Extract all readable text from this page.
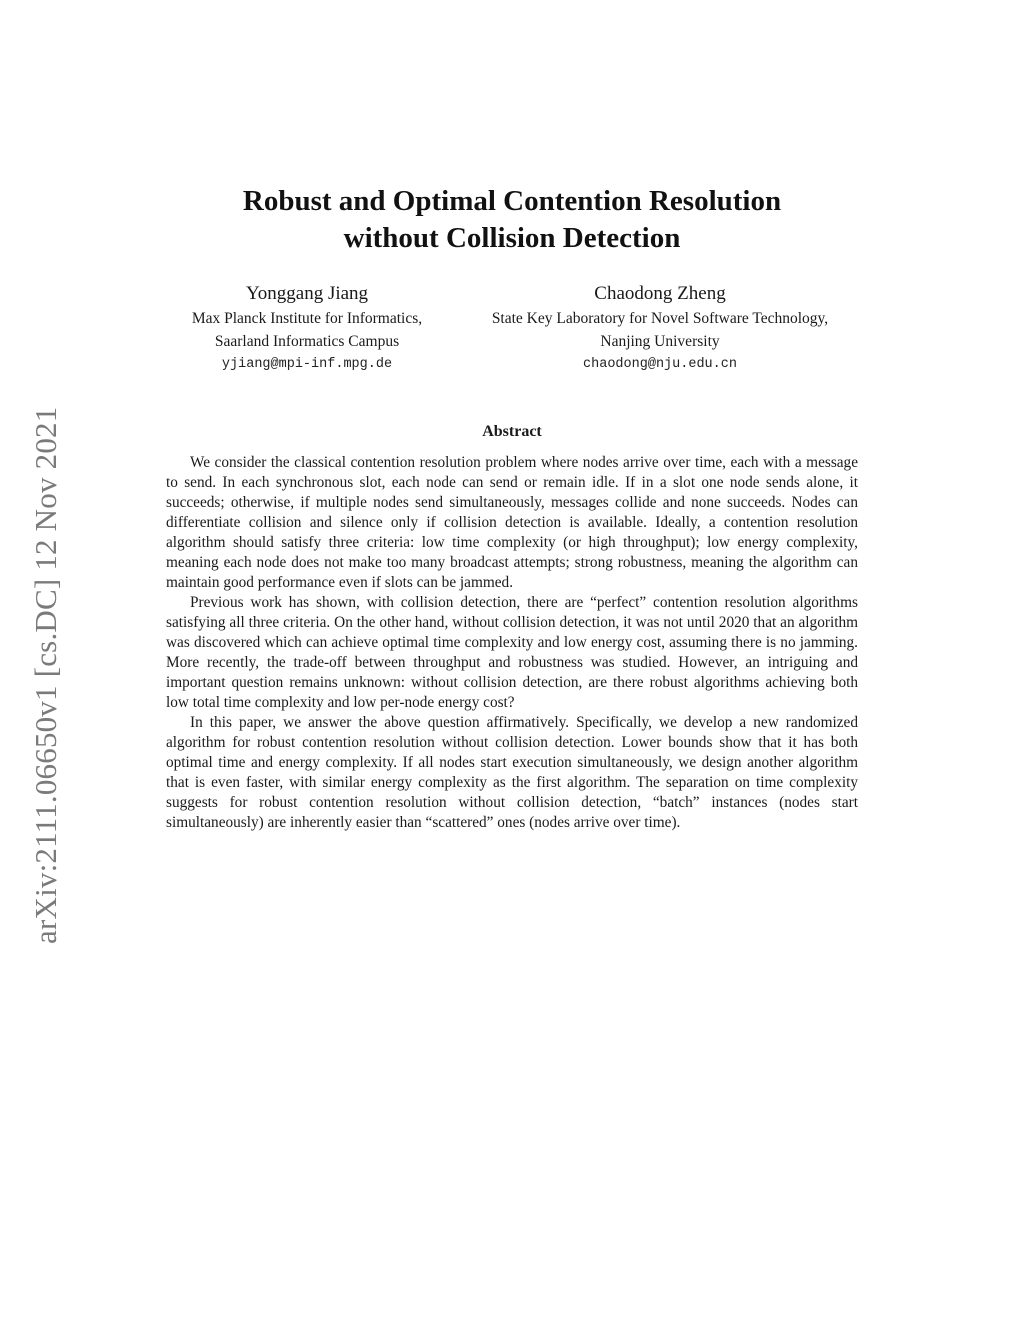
arXiv:2111.06650v1 [cs.DC] 12 Nov 2021
Robust and Optimal Contention Resolution
without Collision Detection
Yonggang Jiang
Max Planck Institute for Informatics,
Saarland Informatics Campus
yjiang@mpi-inf.mpg.de
Chaodong Zheng
State Key Laboratory for Novel Software Technology,
Nanjing University
chaodong@nju.edu.cn
Abstract

We consider the classical contention resolution problem where nodes arrive over time, each with a message to send. In each synchronous slot, each node can send or remain idle. If in a slot one node sends alone, it succeeds; otherwise, if multiple nodes send simultaneously, messages collide and none succeeds. Nodes can differentiate collision and silence only if collision detection is available. Ideally, a contention resolution algorithm should satisfy three criteria: low time complexity (or high throughput); low energy complexity, meaning each node does not make too many broadcast attempts; strong robustness, meaning the algorithm can maintain good performance even if slots can be jammed.

Previous work has shown, with collision detection, there are “perfect” contention resolution algorithms satisfying all three criteria. On the other hand, without collision detection, it was not until 2020 that an algorithm was discovered which can achieve optimal time complexity and low energy cost, assuming there is no jamming. More recently, the trade-off between throughput and robustness was studied. However, an intriguing and important question remains unknown: without collision detection, are there robust algorithms achieving both low total time complexity and low per-node energy cost?

In this paper, we answer the above question affirmatively. Specifically, we develop a new randomized algorithm for robust contention resolution without collision detection. Lower bounds show that it has both optimal time and energy complexity. If all nodes start execution simultaneously, we design another algorithm that is even faster, with similar energy complexity as the first algorithm. The separation on time complexity suggests for robust contention resolution without collision detection, “batch” instances (nodes start simultaneously) are inherently easier than “scattered” ones (nodes arrive over time).
